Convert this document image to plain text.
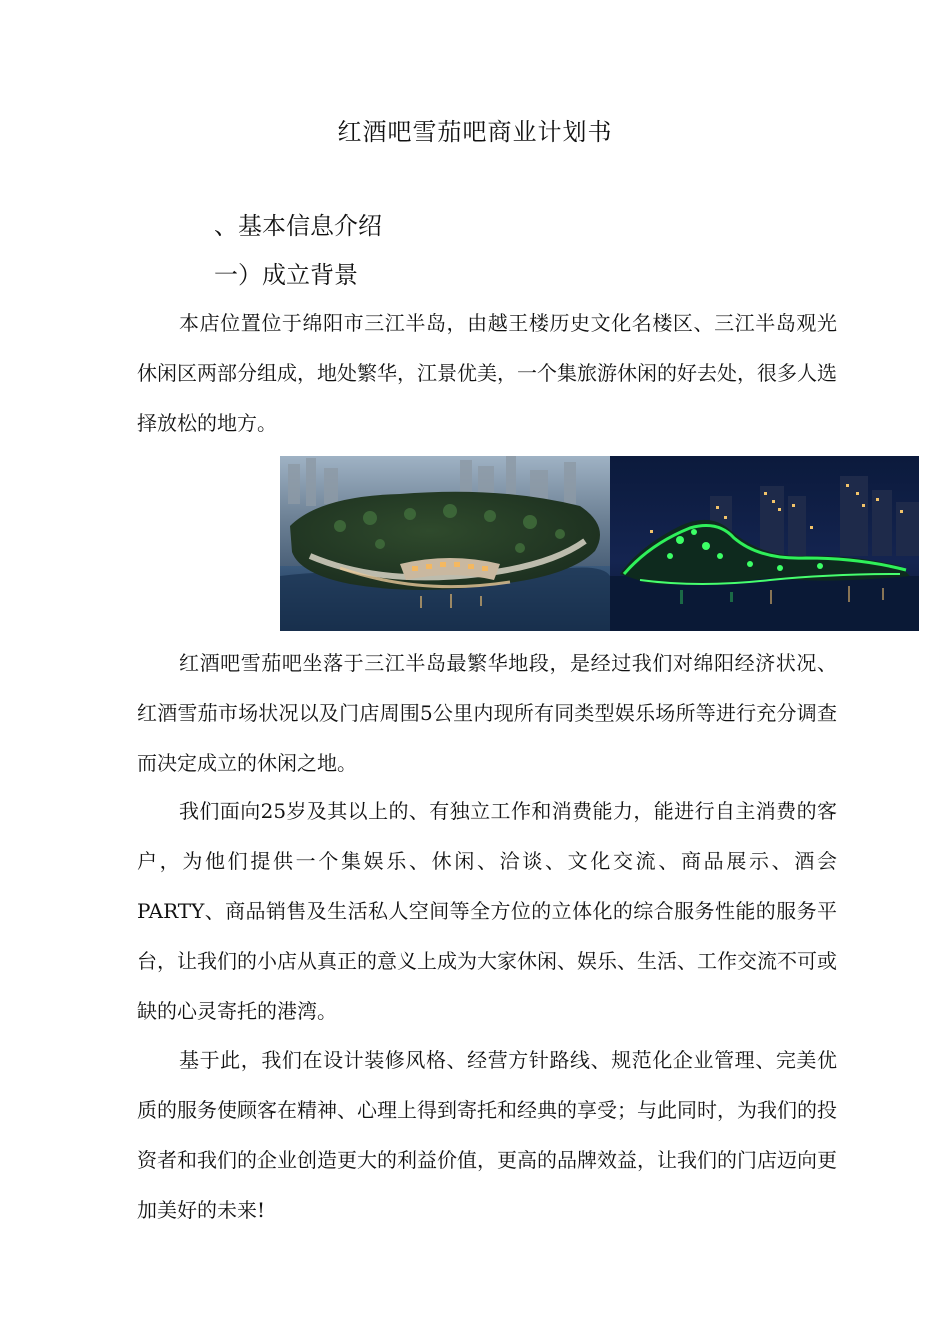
红酒吧雪茄吧商业计划书
、基本信息介绍
一）成立背景

本店位置位于绵阳市三江半岛，由越王楼历史文化名楼区、三江半岛观光休闲区两部分组成，地处繁华，江景优美，一个集旅游休闲的好去处，很多人选择放松的地方。

红酒吧雪茄吧坐落于三江半岛最繁华地段，是经过我们对绵阳经济状况、红酒雪茄市场状况以及门店周围5公里内现所有同类型娱乐场所等进行充分调查而决定成立的休闲之地。

我们面向25岁及其以上的、有独立工作和消费能力，能进行自主消费的客户，为他们提供一个集娱乐、休闲、洽谈、文化交流、商品展示、酒会PARTY、商品销售及生活私人空间等全方位的立体化的综合服务性能的服务平台，让我们的小店从真正的意义上成为大家休闲、娱乐、生活、工作交流不可或缺的心灵寄托的港湾。

基于此，我们在设计装修风格、经营方针路线、规范化企业管理、完美优质的服务使顾客在精神、心理上得到寄托和经典的享受；与此同时，为我们的投资者和我们的企业创造更大的利益价值，更高的品牌效益，让我们的门店迈向更加美好的未来!
